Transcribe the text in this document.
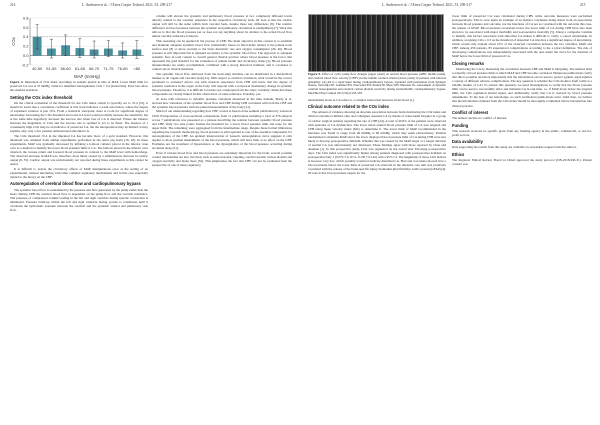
214	L. Andersen et al. / J Extra Corpor Technol. 2021, 53, 209-217
0.8
0.6
0.4
0.2
0.0
-0.2
40-50 51-55 56-60 61-65 66-70 71-75 76-80 >80
MAP (mmHg)
COx
Figure 4. Illustration of COx index recordings in patients plotted in bins of MAP. Lower MAP limit for preserved CA was at 55 mmHg. Limit for identified autoregulation; COx > 0.4 (dotted line). Error bars show the standard deviation.
Setting the COx index threshold

On the critical evaluation of the threshold for the COx index, which is typically set to >0.4 [31], it should be noted that a correlation coefficient at this level indicates a weak association, where the degree of explained variance is just 16%. From a statistical viewpoint, there is room for significant degree of uncertainty. Increasing the COx threshold above the 0.4 level would probably increase the sensitivity but at the same time negatively decrease the success rate when loss of CA is detected. Where the balance between the magnitude of COx and the success rate is optimal is yet to be fined. The absence of a consistently high COx may be an indicator of preserved CA, but the interpretation may be limited. It may explain, why only a few patients demonstrated abnormal CA.

The COx threshold >0.4 in the impaired CA has become more of a gold standard. However, this threshold was obtained from animal experiments performed in the naive pig brain [16, 18]. In these experiments, MAP was gradually decreased by inflating a balloon catheter placed in the inferior vena cava as a method to identify the lower blood pressure limit of CA. The balloon placed in the inferior cava obstructs the venous return and lowered blood pressure in contrast to the MAP level with hemorrhage. The observed decrease in MAP was, therefore, most likely caused by a simultaneous decrease in cardiac output [6, 35]. Cardiac output was unfortunately not reported during these experiments as this cannot be tested.

It is difficult to isolate the circulatory effects of MAP manipulations even as the setting of an experimental, without interfering with other complex regulatory mechanisms and in this case especially related to the theory on the CBF.

Autoregulation of cerebral blood flow and cardiopulmonary bypass

The systemic blood flow is established by the pressure and flow generated by the pump rather than the heart. During CPB the cerebral blood flow is dependent on the pump flow and the vascular resistance. The presence of compressed volume loading in the left and right ventricle during systolic contraction is eliminated. Pressure build-up within the left and right ventricle during systole is continuous until it overloads the hydrostatic pressure between the cerebral and the systemic arterial and pulmonary vein flow.

volume will elevate the systemic and pulmonary blood pressure at two completely different levels directly related to the vascular resistance in the respective circulatory beds. Of note is that the cardiac output will still be the same within both vascular beds, despite these key differences [9]. The relative difference in blood pressure between the systemic and pulmonary circulation is exemplified [27]. What this tells us is that the blood pressure per se does not say anything about its relation to the actual blood flow unless vascular resistance is known.

This reasoning can be applied in the process of CPB. The main objective in this context is to establish and maintain adequate systemic blood flow traditionally based on fixed index related to the patient body surface area [8] or more recently to the basic metabolic rate and oxygen consumption [29, 40]. Blood pressure is still important but is adjusted secondary to the systemic blood flow. The approach to adequate systemic flow in total content to overall general clinical practice where blood pressure is the factor that represents the gold standard for the evaluation of patient health and circulatory status [2]. Blood pressure measurements are easily accomplished, combined with a strong historical tradition, and it correlates to central role in clinical medicine.

The systemic blood flow delivered from the heart-lung machine can be distributed in a hierarchical manner to all organs and vascular beds [41]. With respect to cerebral circulation, what would be the correct parameter to evaluate? Above one with classical experience from CPB will know that the degree of systemic resistance in the organ of the body will respond with a reciprocal momentary change in systemic blood pressure. Therefore, it is difficult to isolate one component from the other; it mainly claims that these components are closely linked. In this observation of some reference. Probably, yes.

At least with reference to dynamic pressure variations measured in the time domain, Brady et al. showed how variations of the systemic blood flow and CBF during CPB correlated with both the CBF and the systemic blood pressure with the pulsed measurements of the body [21].

Much of our understanding regarding how CBF control is based on the seminal publication by Lassen in 1959. Extrapolation of cross-sectional comparisons from 11 publications including a total of 376 subjects across 7 publications was presented as a plateau describing the relation between systemic blood pressure and CBF. Only two data points formed the threshold for a lower blood pressure limit and none for the upper limit. The remaining were aggregated from the intermediate range. Despite these formal limitations regarding the research methodology, blood pressure is still regarded as one of the essential components for autoregulation of the CBF. An updated interpretation of Lassen's autoregulation curve suggests it only applies to more gradual amendments of the blood pressure, which will have little or no effect on the CBF. Examples are the treatment of hypertension or the dysregulation of the blood pressure occurring during nocturnal sleep [51].

Even if various blood flow and blood pressure are extremely important for the brain, several possible control mechanisms are also involved, such as neurovascular coupling, cerebrovascular carbon dioxide and oxygen reactivity and many more [52]. This emphasizes the fact that CBF can not be evaluated from the perspective of one of these regulatory

L. Andersen et al. / J Extra Corpor Technol. 2021, 53, 209-217	215
Figure 5. Effect of cyclic pump flow changes (upper panel) on arterial blood pressure (ABP; middle panel), and cerebral blood flow velocity (CBFV) in the middle cerebral arteries (lower panel) in patients with induced pulsatility. (A) AP is a rapid input during cardiopulmonary bypass, reprinted with permission from Springer Nature, Severdija EE, Gommer ED, Weerwind PW, Reulen JP, Mess WH, Maessen JG. Assessment of dynamic cerebral autoregulation and cerebral carbon dioxide reactivity during normothermic cardiopulmonary bypass. Med Biol Eng Comput 2015;53(2):195-203.

mechanisms alone as CA refers to a complex interaction between all involved [1].

Clinical outcome related to the COx index

The amount of evidence showing an absolute association between brain monitoring the COx index and clinical outcome is limited. Ono and colleagues assessed CA by means of transcranial Doppler in a group of cardiac surgical patients regarding the rate of CPB [24]. A total of 20.6% of the patients were observed with episodes of CA dysfunction. The lower mean arterial blood pressure limit of CA was targeted and CPB using mean velocity index (Mx) to determine it. The lower limit of MAP recommended in the literature was found to range from 40 mmHg to 90 mmHg, which may seem extraordinary. Patients randomized to maintain MAP above the lower displayed blood pressure limit of CA during CPB were less likely to develop postoperative delirium. Whether this was caused by the MAP target or a longer duration of normal CA was unfortunately not discussed. These findings agree with those reported by Chan and Aneman [1]. In this prospective study, COx was registered on the rostral side following postoperative days. The COx index was significantly higher among patients diagnosed with postoperative delirium on postoperative Day 1 (0.270 ± 0.19 vs. 0.130 ± 0.142) with a 95% CI. The magnitude of those COx indices is however very low, which possibly would not indicate disturbed CA. Hori and coworkers showed how a blood pressure below the lower limit of preserved CA observed in the intensive care unit was positively correlated with the release of the brain-specific injury biomarker glial fibrillary acidic protein (GFAP) [4]. Of note is that blood pressure targets for the

lower limit of preserved CA were calculated during CPB, while outcome measures were performed postoperatively. This is once again an example of an indirect conclusion being drawn from an association between blood pressure and outcome, not the functions of CA per se correlated with the outcome this case, the release of GFAP. Blood pressure excursions below the lower limit of CA during CPB have also been shown to be associated with major morbidity and postoperative mortality [5]. Using a composite variable to identify risk factors associated with abnormal CA makes it difficult to verify a causal relationship. In addition, accepting COx ≥ 0.3 as the threshold of abnormal CA involves a significant degree of uncertainty, which would only explain about 10% of the observed correlation between the two variables, MAP and CBF. Among 450 patients, 83 experienced complications according to the a priori definition. The risk of developing complications was independently associated with the area under the curve for the duration of MAP below the lower limit of preserved CA.

Closing remarks

Monitoring the CA by measuring the correlation between CBF and MAP is intriguing. The method aims to identify a blood pressure limit at which MAP and CBF become correlated. Numerous publications verify that this is possible and more importantly that the information can be used to protect against organ injuries a variety of different adverse complications. The key question is whether the COx monitor itself really is a reliable marker of CA? To answer this question, we need investigations to verify that the blood pressure limit can be used to successfully tailor and maintain CA in real-time, i.e. if MAP drops below the targeted limit, the COx regulation should signal, and additionally verify that CA is restored by blood pressure adjustments. To the best of our knowledge, no such verification publications exist. Until then, we believe that the information obtained from the COx index should be thoroughly scrutinized before introduction into clinical practice.

Conflict of interest

The authors declare no conflict of interest.

Funding

This research received no specific grant from any funding agency in the public, commercial, or not-for-profit sectors.

Data availability

Data supporting the results from this study are available on reasonable request from the authors.

Ethics

The Regional Ethical Review Board in Umeå approved the study protocol (DN-2018/436-31). Patient consent was
